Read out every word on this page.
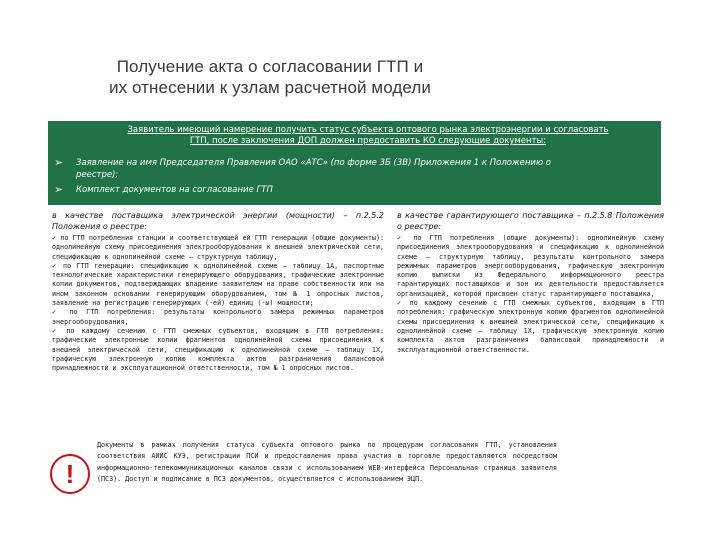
Получение акта о согласовании ГТП и
их отнесении к узлам расчетной модели
Заявитель имеющий намерение получить статус субъекта оптового рынка электроэнергии и согласовать
ГТП, после заключения ДОП должен предоставить КО следующие документы:
➢	Заявление на имя Председателя Правления ОАО «АТС» (по форме 3Б (3В) Приложения 1 к Положению о
реестре);
➢	Комплект документов на согласование ГТП
в качестве поставщика электрической энергии (мощности) – п.2.5.2 Положения о реестре:

✓ по ГТП потребления станции и соответствующей ей ГТП генерации (общие документы): однолинейную схему присоединения электрооборудования к внешней электрической сети, спецификацию к однолинейной схеме – структурную таблицу,

✓ по ГТП генерации: спецификацию к однолинейной схеме – таблицу 1А, паспортные технологические характеристики генерирующего оборудования, графические электронные копии документов, подтверждающих владение заявителем на праве собственности или на ином законном основании генерирующим оборудованием, том № 1 опросных листов, заявление на регистрацию генерирующих (-ей) единиц (-ы) мощности;

✓ по ГТП потребления: результаты контрольного замера режимных параметров энергооборудования,

✓ по каждому сечению с ГТП смежных субъектов, входящим в ГТП потребления: графические электронные копии фрагментов однолинейной схемы присоединения к внешней электрической сети, спецификацию к однолинейной схеме – таблицу 1Х, графическую электронную копию комплекта актов разграничения балансовой принадлежности и эксплуатационной ответственности, том № 1 опросных листов.

в качестве гарантирующего поставщика – п.2.5.8 Положения о реестре:

✓ по ГТП потребления (общие документы): однолинейную схему присоединения электрооборудования и спецификацию к однолинейной схеме – структурную таблицу, результаты контрольного замера режимных параметров энергооборудования, графическую электронную копию выписки из Федерального информационного реестра гарантирующих поставщиков и зон их деятельности предоставляется организацией, которой присвоен статус гарантирующего поставщика,

✓ по каждому сечению с ГТП смежных субъектов, входящим в ГТП потребления: графическую электронную копию фрагментов однолинейной схемы присоединения к внешней электрической сети, спецификацию к однолинейной схеме – таблицу 1Х, графическую электронную копию комплекта актов разграничения балансовой принадлежности и эксплуатационной ответственности.

!
Документы в рамках получения статуса субъекта оптового рынка по процедурам согласования ГТП, установления соответствия АИИС КУЭ, регистрации ПСИ и предоставления права участия в торговле предоставляются посредством информационно-телекоммуникационных каналов связи с использованием WEB-интерфейса Персональная страница заявителя (ПСЗ). Доступ и подписание в ПСЗ документов, осуществляется с использованием ЭЦП.
